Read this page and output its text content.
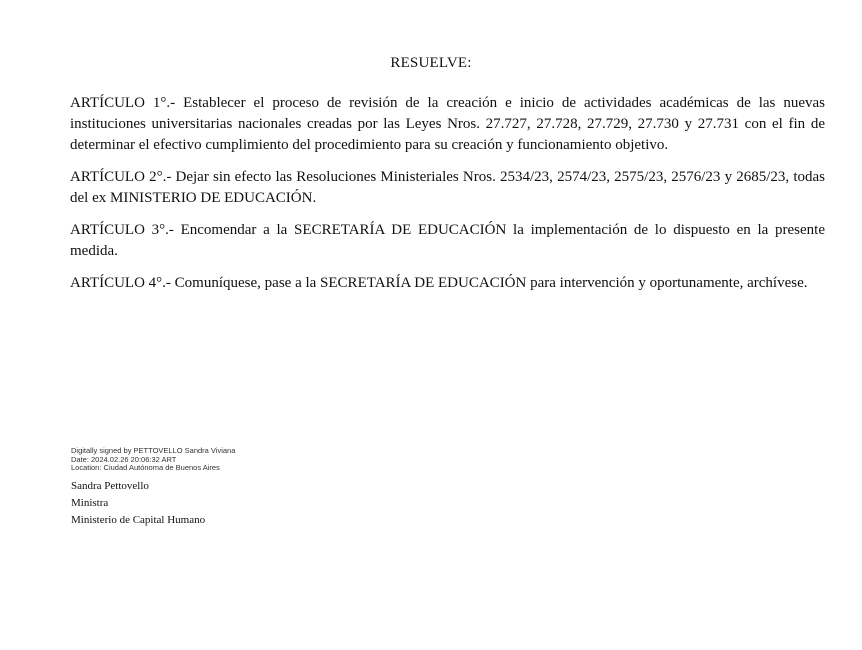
RESUELVE:

ARTÍCULO 1°.- Establecer el proceso de revisión de la creación e inicio de actividades académicas de las nuevas instituciones universitarias nacionales creadas por las Leyes Nros. 27.727, 27.728, 27.729, 27.730 y 27.731 con el fin de determinar el efectivo cumplimiento del procedimiento para su creación y funcionamiento objetivo.

ARTÍCULO 2°.- Dejar sin efecto las Resoluciones Ministeriales Nros. 2534/23, 2574/23, 2575/23, 2576/23 y 2685/23, todas del ex MINISTERIO DE EDUCACIÓN.

ARTÍCULO 3°.- Encomendar a la SECRETARÍA DE EDUCACIÓN la implementación de lo dispuesto en la presente medida.

ARTÍCULO 4°.- Comuníquese, pase a la SECRETARÍA DE EDUCACIÓN para intervención y oportunamente, archívese.

Digitally signed by PETTOVELLO Sandra Viviana
Date: 2024.02.26 20:06:32 ART
Location: Ciudad Autónoma de Buenos Aires
Sandra Pettovello
Ministra
Ministerio de Capital Humano
